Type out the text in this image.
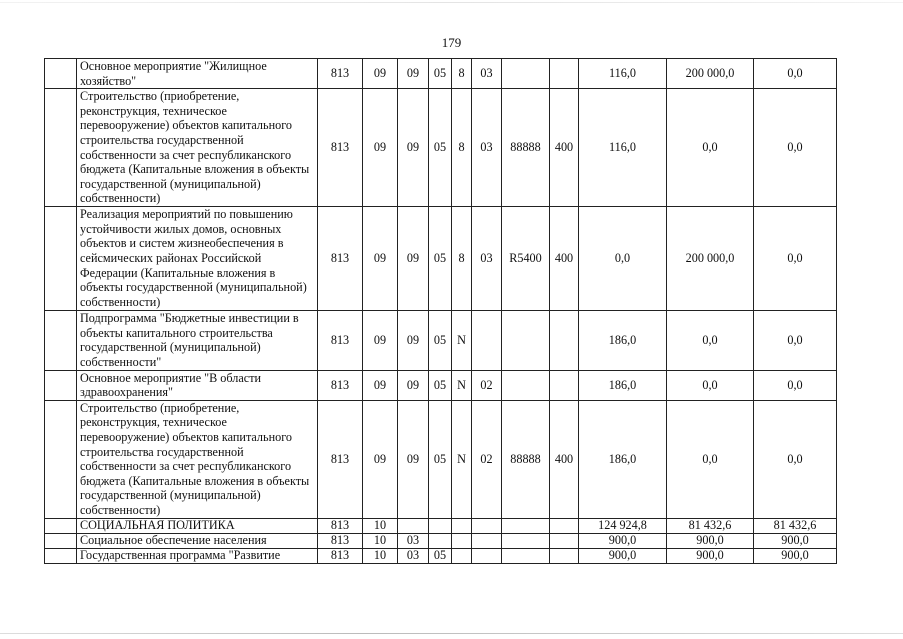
179
	Основное мероприятие "Жилищное хозяйство"	813	09	09	05	8	03			116,0	200 000,0	0,0
	Строительство (приобретение, реконструкция, техническое перевооружение) объектов капитального строительства государственной собственности за счет республиканского бюджета (Капитальные вложения в объекты государственной (муниципальной) собственности)	813	09	09	05	8	03	88888	400	116,0	0,0	0,0
	Реализация мероприятий по повышению устойчивости жилых домов, основных объектов и систем жизнеобеспечения в сейсмических районах Российской Федерации (Капитальные вложения в объекты государственной (муниципальной) собственности)	813	09	09	05	8	03	R5400	400	0,0	200 000,0	0,0
	Подпрограмма "Бюджетные инвестиции в объекты капитального строительства государственной (муниципальной) собственности"	813	09	09	05	N				186,0	0,0	0,0
	Основное мероприятие "В области здравоохранения"	813	09	09	05	N	02			186,0	0,0	0,0
	Строительство (приобретение, реконструкция, техническое перевооружение) объектов капитального строительства государственной собственности за счет республиканского бюджета (Капитальные вложения в объекты государственной (муниципальной) собственности)	813	09	09	05	N	02	88888	400	186,0	0,0	0,0
	СОЦИАЛЬНАЯ ПОЛИТИКА	813	10							124 924,8	81 432,6	81 432,6
	Социальное обеспечение населения	813	10	03						900,0	900,0	900,0
	Государственная программа "Развитие	813	10	03	05					900,0	900,0	900,0
